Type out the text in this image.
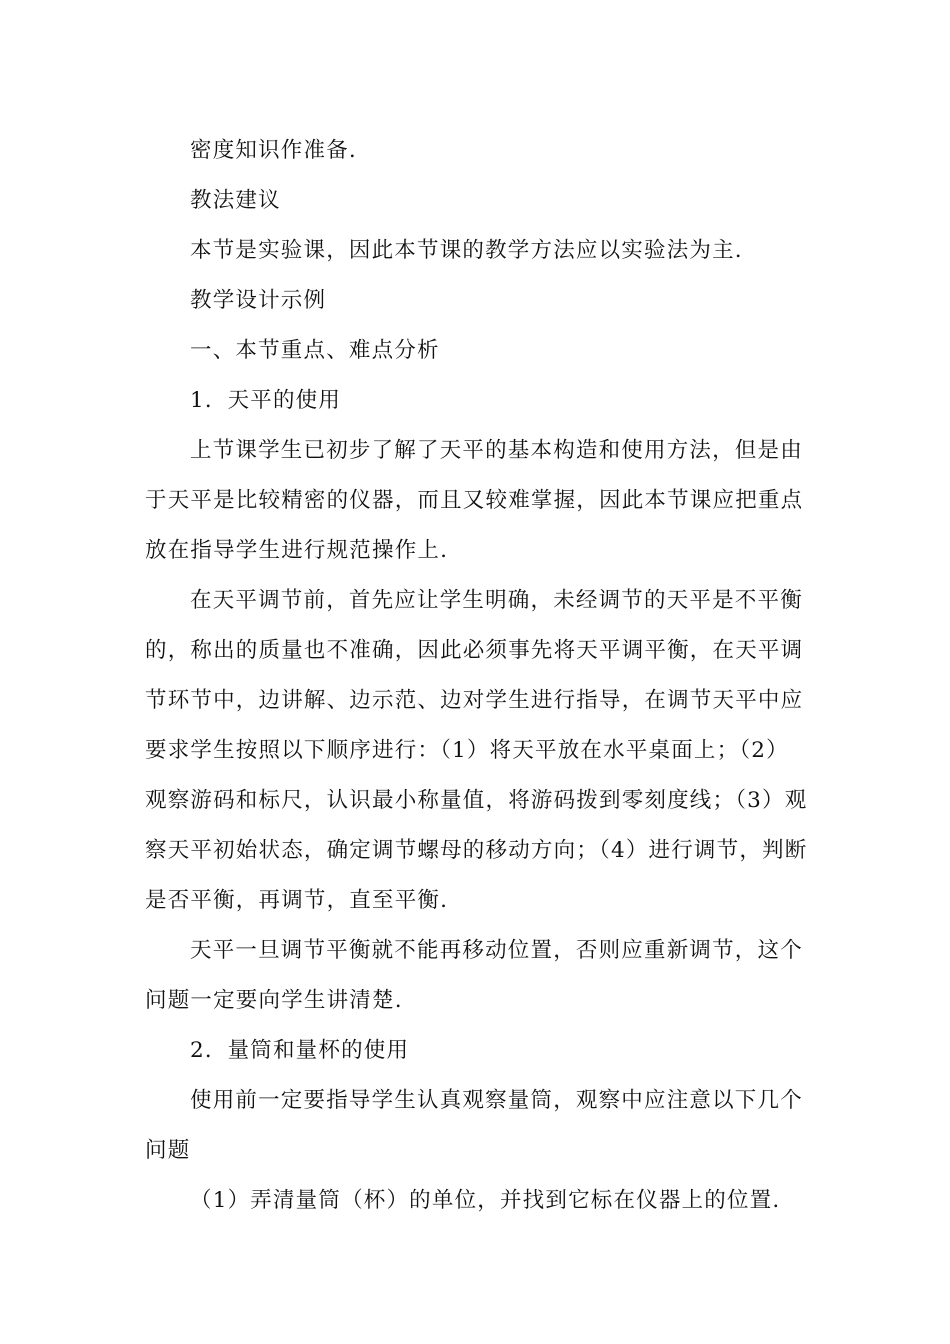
密度知识作准备.

教法建议

本节是实验课，因此本节课的教学方法应以实验法为主.

教学设计示例

一、本节重点、难点分析

1．天平的使用

上节课学生已初步了解了天平的基本构造和使用方法，但是由

于天平是比较精密的仪器，而且又较难掌握，因此本节课应把重点

放在指导学生进行规范操作上.

在天平调节前，首先应让学生明确，未经调节的天平是不平衡

的，称出的质量也不准确，因此必须事先将天平调平衡，在天平调

节环节中，边讲解、边示范、边对学生进行指导，在调节天平中应

要求学生按照以下顺序进行：（1）将天平放在水平桌面上；（2）

观察游码和标尺，认识最小称量值，将游码拨到零刻度线；（3）观

察天平初始状态，确定调节螺母的移动方向；（4）进行调节，判断

是否平衡，再调节，直至平衡.

天平一旦调节平衡就不能再移动位置，否则应重新调节，这个

问题一定要向学生讲清楚.

2．量筒和量杯的使用

使用前一定要指导学生认真观察量筒，观察中应注意以下几个

问题

（1）弄清量筒（杯）的单位，并找到它标在仪器上的位置.
